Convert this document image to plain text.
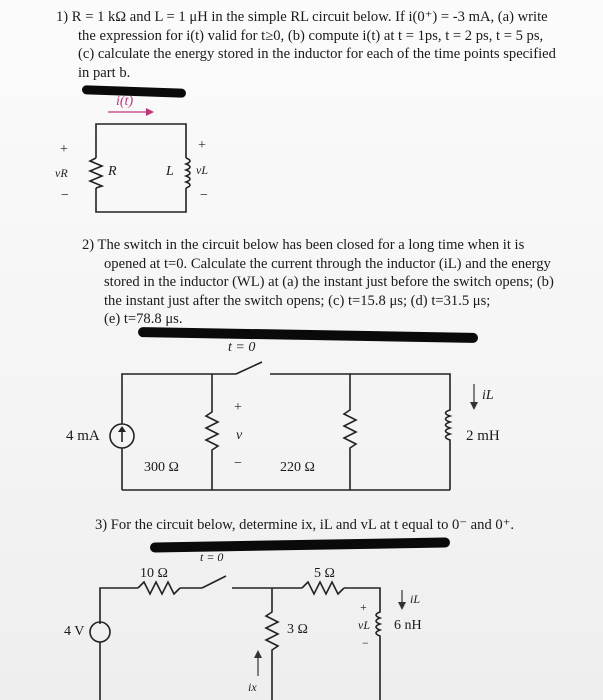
1) R = 1 kΩ and L = 1 μH in the simple RL circuit below. If i(0⁺) = -3 mA, (a) write
the expression for i(t) valid for t≥0, (b) compute i(t) at t = 1ps, t = 2 ps, t = 5 ps,
(c) calculate the energy stored in the inductor for each of the time points specified
in part b.
i(t)
+
vR
−
R	L
+
vL
−
2) The switch in the circuit below has been closed for a long time when it is
opened at t=0. Calculate the current through the inductor (iL) and the energy
stored in the inductor (WL) at (a) the instant just before the switch opens; (b)
the instant just after the switch opens; (c) t=15.8 μs; (d) t=31.5 μs;
(e) t=78.8 μs.
t = 0
4 mA
300 Ω
+
v
−	220 Ω
iL
2 mH
3) For the circuit below, determine ix, iL and vL at t equal to 0⁻ and 0⁺.
t = 0
10 Ω
4 V	3 Ω
ix
5 Ω
+
vL
−
iL
6 nH
